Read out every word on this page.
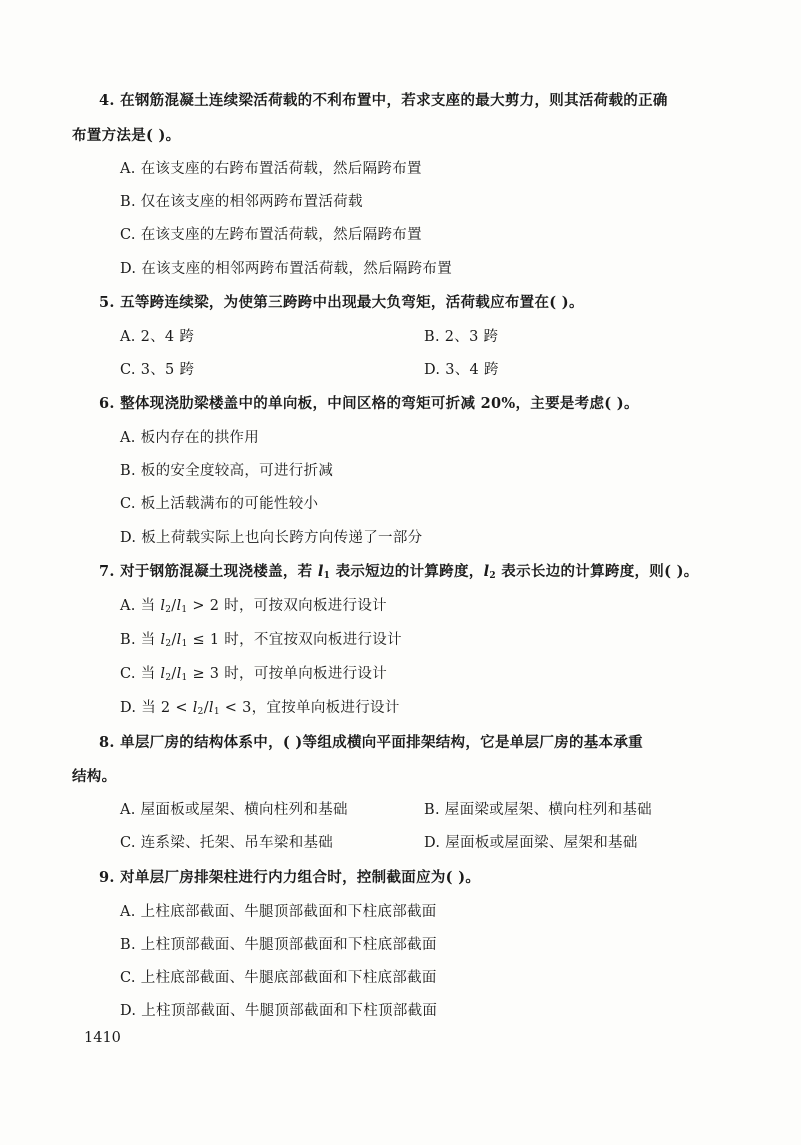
4. 在钢筋混凝土连续梁活荷载的不利布置中，若求支座的最大剪力，则其活荷载的正确
布置方法是( )。
A. 在该支座的右跨布置活荷载，然后隔跨布置
B. 仅在该支座的相邻两跨布置活荷载
C. 在该支座的左跨布置活荷载，然后隔跨布置
D. 在该支座的相邻两跨布置活荷载，然后隔跨布置
5. 五等跨连续梁，为使第三跨跨中出现最大负弯矩，活荷载应布置在( )。
A. 2、4 跨	B. 2、3 跨
C. 3、5 跨	D. 3、4 跨
6. 整体现浇肋梁楼盖中的单向板，中间区格的弯矩可折减 20%，主要是考虑( )。
A. 板内存在的拱作用
B. 板的安全度较高，可进行折减
C. 板上活载满布的可能性较小
D. 板上荷载实际上也向长跨方向传递了一部分
7. 对于钢筋混凝土现浇楼盖，若 $l_1$ 表示短边的计算跨度，$l_2$ 表示长边的计算跨度，则( )。
A. 当 $l_2/l_1 > 2$ 时，可按双向板进行设计
B. 当 $l_2/l_1 \le 1$ 时，不宜按双向板进行设计
C. 当 $l_2/l_1 \ge 3$ 时，可按单向板进行设计
D. 当 $2 < l_2/l_1 < 3$，宜按单向板进行设计
8. 单层厂房的结构体系中，( )等组成横向平面排架结构，它是单层厂房的基本承重
结构。
A. 屋面板或屋架、横向柱列和基础	B. 屋面梁或屋架、横向柱列和基础
C. 连系梁、托架、吊车梁和基础	D. 屋面板或屋面梁、屋架和基础
9. 对单层厂房排架柱进行内力组合时，控制截面应为( )。
A. 上柱底部截面、牛腿顶部截面和下柱底部截面
B. 上柱顶部截面、牛腿顶部截面和下柱底部截面
C. 上柱底部截面、牛腿底部截面和下柱底部截面
D. 上柱顶部截面、牛腿顶部截面和下柱顶部截面
1410
